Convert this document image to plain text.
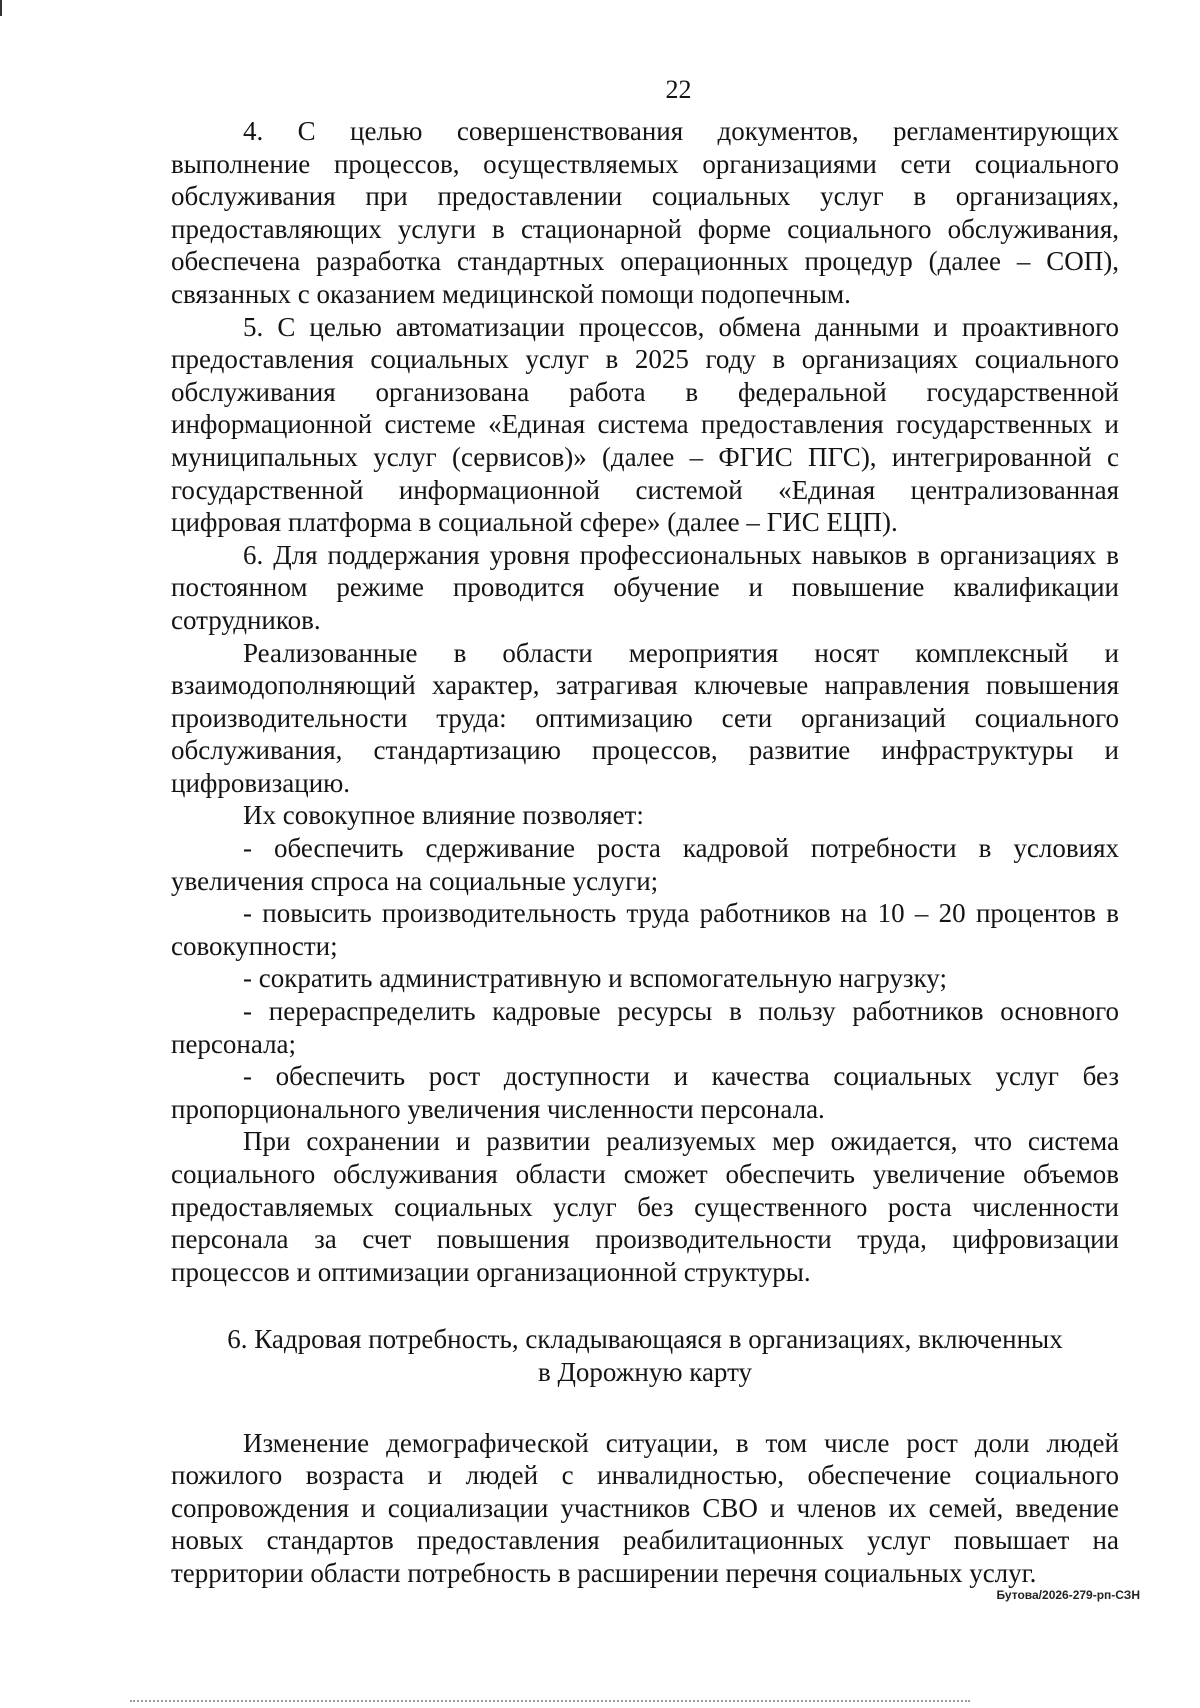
22

4. С целью совершенствования документов, регламентирующих выполнение процессов, осуществляемых организациями сети социального обслуживания при предоставлении социальных услуг в организациях, предоставляющих услуги в стационарной форме социального обслуживания, обеспечена разработка стандартных операционных процедур (далее – СОП), связанных с оказанием медицинской помощи подопечным.

5. С целью автоматизации процессов, обмена данными и проактивного предоставления социальных услуг в 2025 году в организациях социального обслуживания организована работа в федеральной государственной информационной системе «Единая система предоставления государственных и муниципальных услуг (сервисов)» (далее – ФГИС ПГС), интегрированной с государственной информационной системой «Единая централизованная цифровая платформа в социальной сфере» (далее – ГИС ЕЦП).

6. Для поддержания уровня профессиональных навыков в организациях в постоянном режиме проводится обучение и повышение квалификации сотрудников.

Реализованные в области мероприятия носят комплексный и взаимодополняющий характер, затрагивая ключевые направления повышения производительности труда: оптимизацию сети организаций социального обслуживания, стандартизацию процессов, развитие инфраструктуры и цифровизацию.

Их совокупное влияние позволяет:

- обеспечить сдерживание роста кадровой потребности в условиях увеличения спроса на социальные услуги;

- повысить производительность труда работников на 10 – 20 процентов в совокупности;

- сократить административную и вспомогательную нагрузку;

- перераспределить кадровые ресурсы в пользу работников основного персонала;

- обеспечить рост доступности и качества социальных услуг без пропорционального увеличения численности персонала.

При сохранении и развитии реализуемых мер ожидается, что система социального обслуживания области сможет обеспечить увеличение объемов предоставляемых социальных услуг без существенного роста численности персонала за счет повышения производительности труда, цифровизации процессов и оптимизации организационной структуры.

6. Кадровая потребность, складывающаяся в организациях, включенных

в Дорожную карту

Изменение демографической ситуации, в том числе рост доли людей пожилого возраста и людей с инвалидностью, обеспечение социального сопровождения и социализации участников СВО и членов их семей, введение новых стандартов предоставления реабилитационных услуг повышает на территории области потребность в расширении перечня социальных услуг.

Бутова/2026-279-рп-СЗН
